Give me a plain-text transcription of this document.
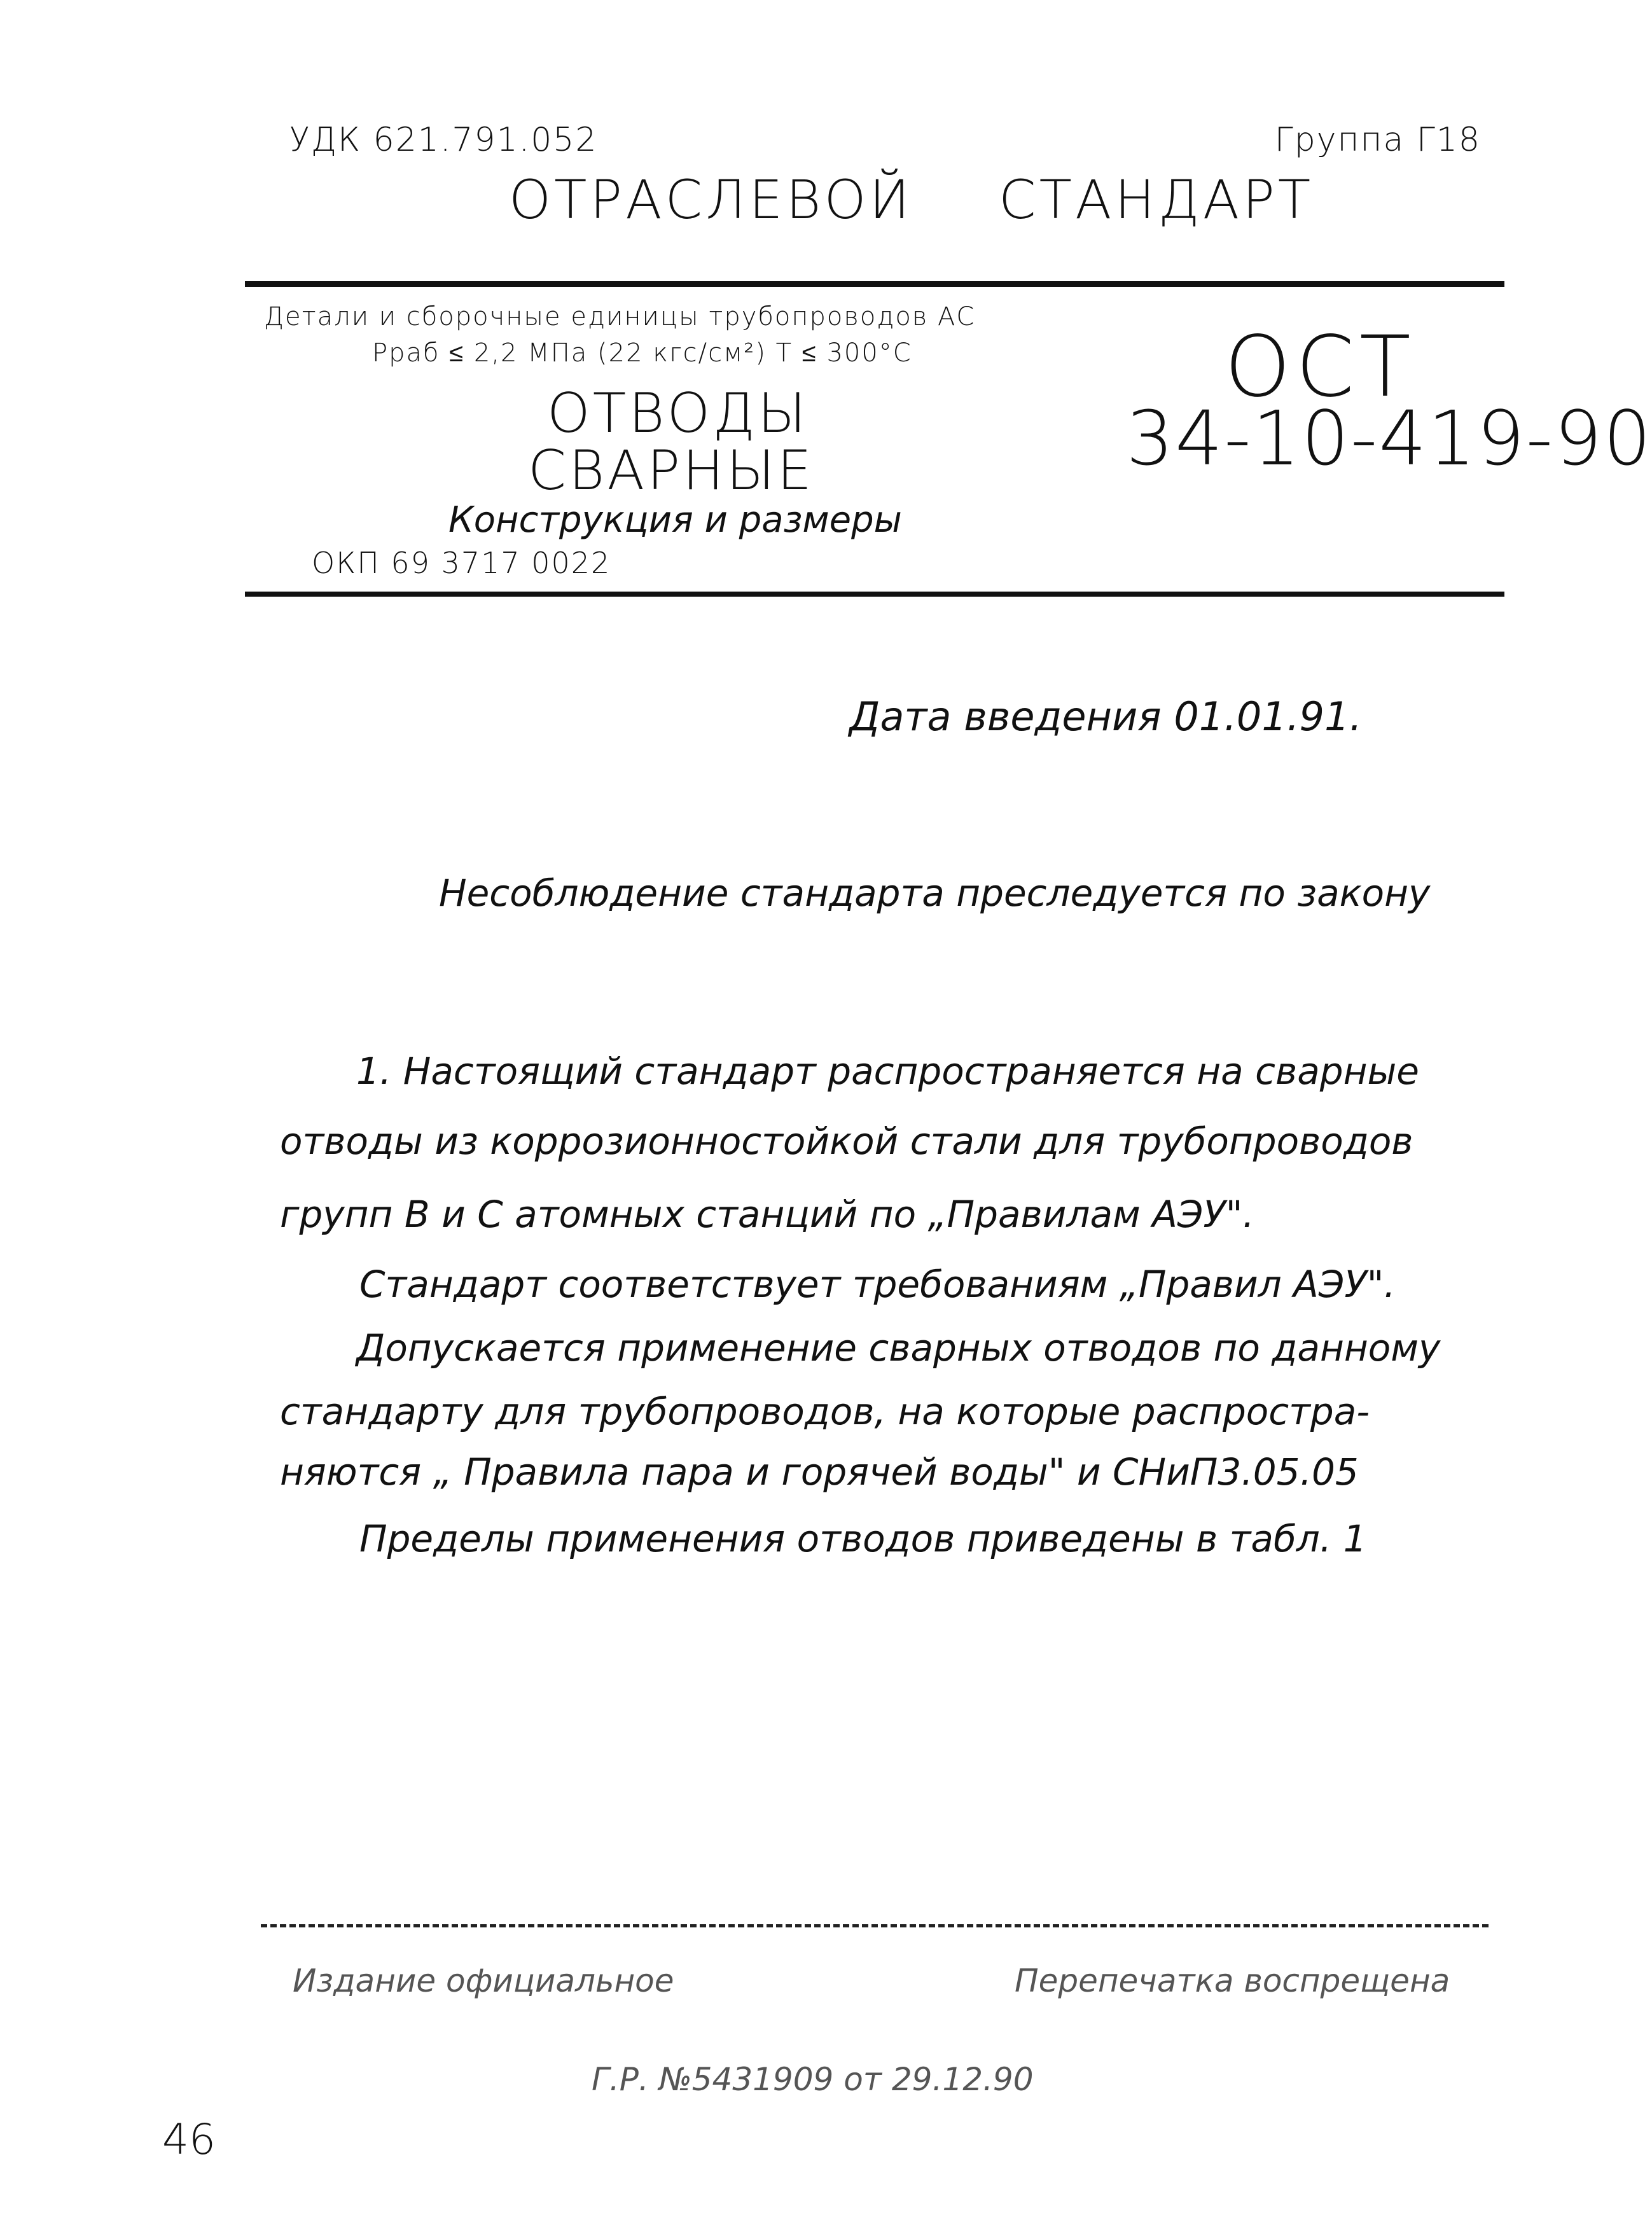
УДК 621.791.052	Группа Г18
ОТРАСЛЕВОЙ СТАНДАРТ
Детали и сборочные единицы трубопроводов АС
Рраб ≤ 2,2 МПа (22 кгс/см²) Т ≤ 300°С
ОТВОДЫ
СВАРНЫЕ
Конструкция и размеры
ОКП 69 3717 0022
ОСТ
34-10-419-90
Дата введения 01.01.91.
Несоблюдение стандарта преследуется по закону
1. Настоящий стандарт распространяется на сварные
отводы из коррозионностойкой стали для трубопроводов
групп В и С атомных станций по „Правилам АЭУ".
Стандарт соответствует требованиям „Правил АЭУ".
Допускается применение сварных отводов по данному
стандарту для трубопроводов, на которые распростра-
няются „ Правила пара и горячей воды" и СНиП3.05.05
Пределы применения отводов приведены в табл. 1
Издание официальное	Перепечатка воспрещена
Г.Р. №5431909 от 29.12.90
46
